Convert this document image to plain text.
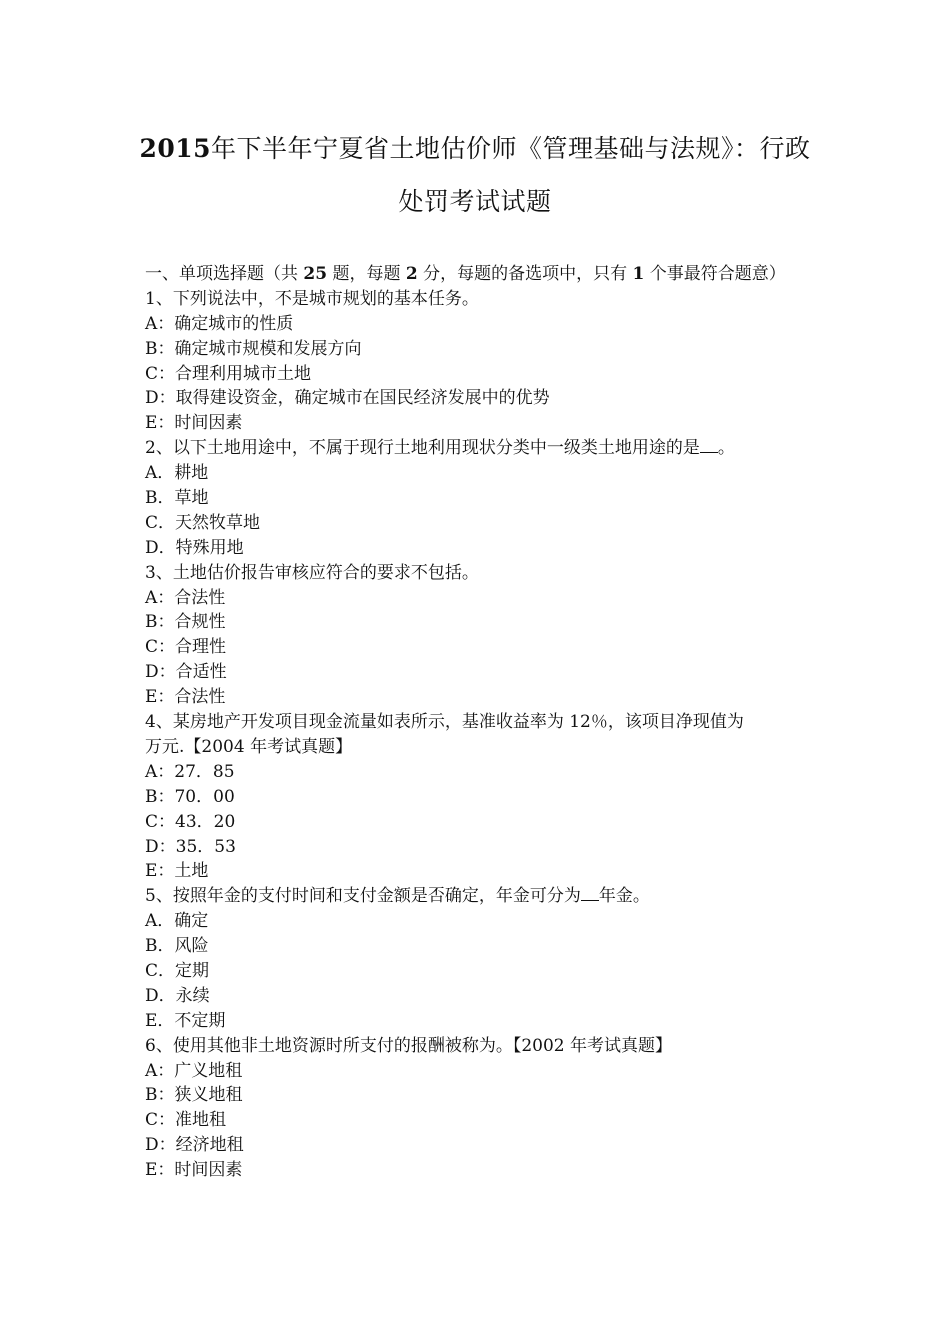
2015年下半年宁夏省土地估价师《管理基础与法规》：行政
处罚考试试题
一、单项选择题（共 25 题，每题 2 分，每题的备选项中，只有 1 个事最符合题意）
1、下列说法中，不是城市规划的基本任务。
A：确定城市的性质
B：确定城市规模和发展方向
C：合理利用城市土地
D：取得建设资金，确定城市在国民经济发展中的优势
E：时间因素
2、以下土地用途中，不属于现行土地利用现状分类中一级类土地用途的是 。
A．耕地
B．草地
C．天然牧草地
D．特殊用地
3、土地估价报告审核应符合的要求不包括。
A：合法性
B：合规性
C：合理性
D：合适性
E：合法性
4、某房地产开发项目现金流量如表所示，基准收益率为 12％，该项目净现值为
万元.【2004 年考试真题】
A：27．85
B：70．00
C：43．20
D：35．53
E：土地
5、按照年金的支付时间和支付金额是否确定，年金可分为 年金。
A．确定
B．风险
C．定期
D．永续
E．不定期
6、使用其他非土地资源时所支付的报酬被称为。【2002 年考试真题】
A：广义地租
B：狭义地租
C：准地租
D：经济地租
E：时间因素
